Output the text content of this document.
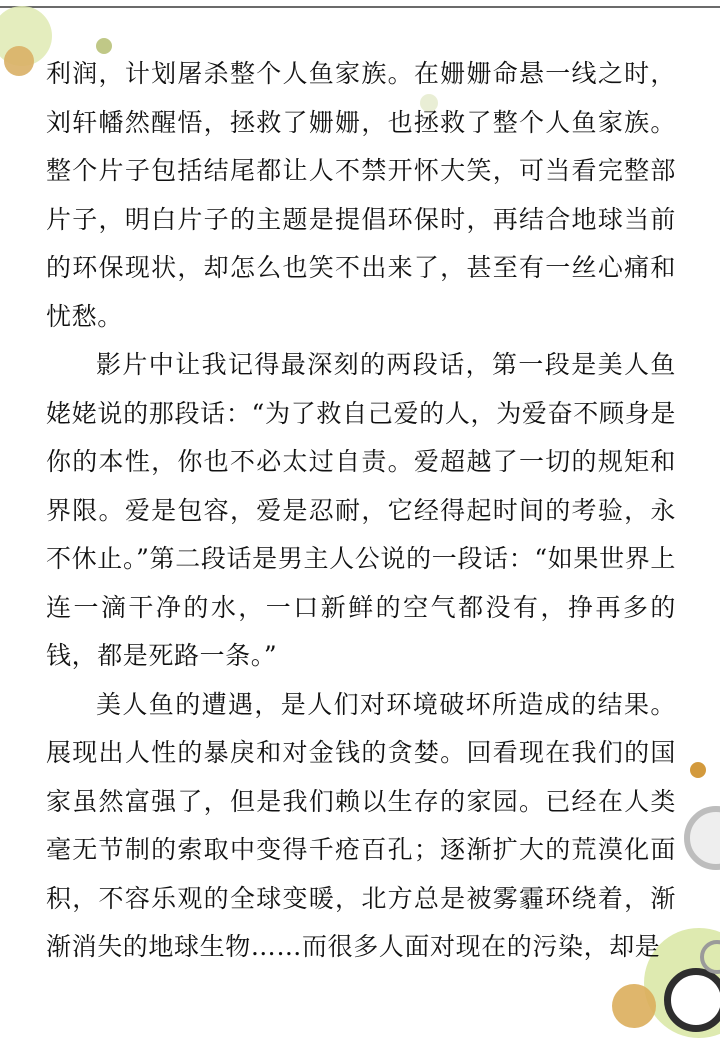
利润，计划屠杀整个人鱼家族。在姗姗命悬一线之时，刘轩幡然醒悟，拯救了姗姗，也拯救了整个人鱼家族。整个片子包括结尾都让人不禁开怀大笑，可当看完整部片子，明白片子的主题是提倡环保时，再结合地球当前的环保现状，却怎么也笑不出来了，甚至有一丝心痛和忧愁。

影片中让我记得最深刻的两段话，第一段是美人鱼姥姥说的那段话：“为了救自己爱的人，为爱奋不顾身是你的本性，你也不必太过自责。爱超越了一切的规矩和界限。爱是包容，爱是忍耐，它经得起时间的考验，永不休止。”第二段话是男主人公说的一段话：“如果世界上连一滴干净的水，一口新鲜的空气都没有，挣再多的钱，都是死路一条。”

美人鱼的遭遇，是人们对环境破坏所造成的结果。展现出人性的暴戾和对金钱的贪婪。回看现在我们的国家虽然富强了，但是我们赖以生存的家园。已经在人类毫无节制的索取中变得千疮百孔；逐渐扩大的荒漠化面积，不容乐观的全球变暖，北方总是被雾霾环绕着，渐渐消失的地球生物……而很多人面对现在的污染，却是
